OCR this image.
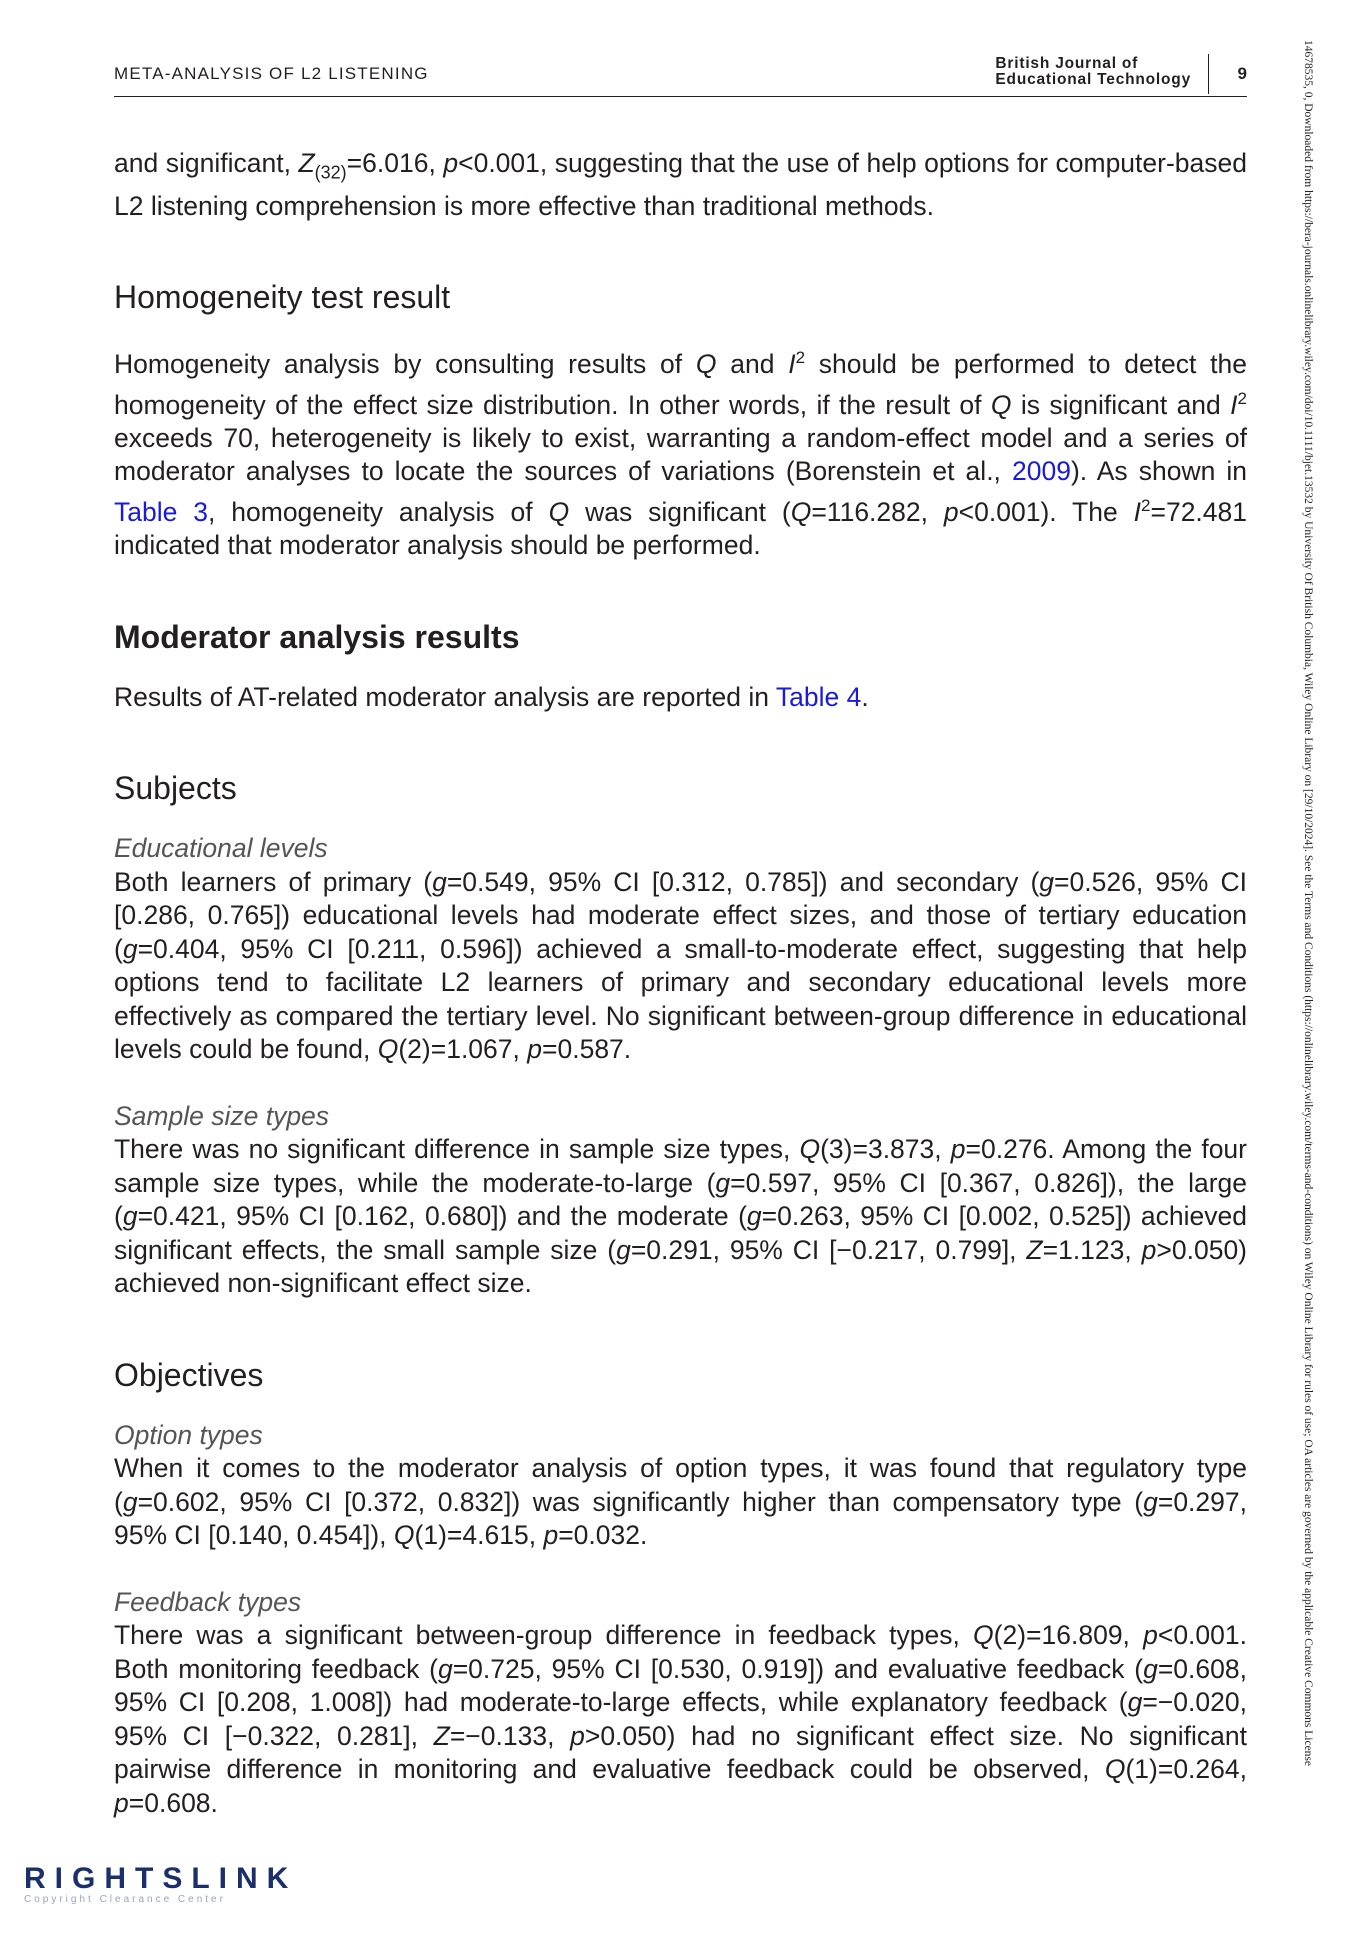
META-ANALYSIS OF L2 LISTENING
British Journal of
Educational Technology	9	14678535, 0, Downloaded from https://bera-journals.onlinelibrary.wiley.com/doi/10.1111/bjet.13532 by University Of British Columbia, Wiley Online Library on [29/10/2024]. See the Terms and Conditions (https://onlinelibrary.wiley.com/terms-and-conditions) on Wiley Online Library for rules of use; OA articles are governed by the applicable Creative Commons License

and significant, $Z_{(32)}=6.016$, p<0.001, suggesting that the use of help options for computer-based L2 listening comprehension is more effective than traditional methods.

Homogeneity test result

Homogeneity analysis by consulting results of Q and $I^2$ should be performed to detect the homogeneity of the effect size distribution. In other words, if the result of Q is significant and $I^2$ exceeds 70, heterogeneity is likely to exist, warranting a random-effect model and a series of moderator analyses to locate the sources of variations (Borenstein et al., 2009). As shown in Table 3, homogeneity analysis of Q was significant (Q=116.282, p<0.001). The $I^2=72.481$ indicated that moderator analysis should be performed.

Moderator analysis results

Results of AT-related moderator analysis are reported in Table 4.

Subjects
Educational levels

Both learners of primary (g=0.549, 95% CI [0.312, 0.785]) and secondary (g=0.526, 95% CI [0.286, 0.765]) educational levels had moderate effect sizes, and those of tertiary education (g=0.404, 95% CI [0.211, 0.596]) achieved a small-to-moderate effect, suggesting that help options tend to facilitate L2 learners of primary and secondary educational levels more effectively as compared the tertiary level. No significant between-group difference in educational levels could be found, Q(2)=1.067, p=0.587.

Sample size types

There was no significant difference in sample size types, Q(3)=3.873, p=0.276. Among the four sample size types, while the moderate-to-large (g=0.597, 95% CI [0.367, 0.826]), the large (g=0.421, 95% CI [0.162, 0.680]) and the moderate (g=0.263, 95% CI [0.002, 0.525]) achieved significant effects, the small sample size (g=0.291, 95% CI [−0.217, 0.799], Z=1.123, p>0.050) achieved non-significant effect size.

Objectives
Option types

When it comes to the moderator analysis of option types, it was found that regulatory type (g=0.602, 95% CI [0.372, 0.832]) was significantly higher than compensatory type (g=0.297, 95% CI [0.140, 0.454]), Q(1)=4.615, p=0.032.

Feedback types

There was a significant between-group difference in feedback types, Q(2)=16.809, p<0.001. Both monitoring feedback (g=0.725, 95% CI [0.530, 0.919]) and evaluative feedback (g=0.608, 95% CI [0.208, 1.008]) had moderate-to-large effects, while explanatory feedback (g=−0.020, 95% CI [−0.322, 0.281], Z=−0.133, p>0.050) had no significant effect size. No significant pairwise difference in monitoring and evaluative feedback could be observed, Q(1)=0.264, p=0.608.

RIGHTSLINK
Copyright Clearance Center
